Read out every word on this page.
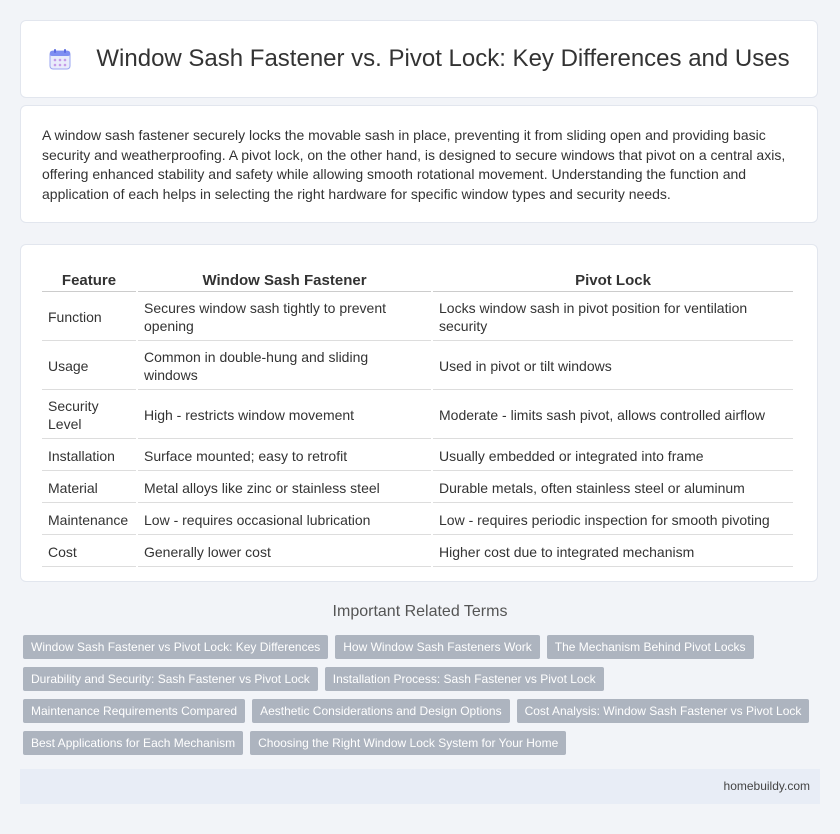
Window Sash Fastener vs. Pivot Lock: Key Differences and Uses

A window sash fastener securely locks the movable sash in place, preventing it from sliding open and providing basic security and weatherproofing. A pivot lock, on the other hand, is designed to secure windows that pivot on a central axis, offering enhanced stability and safety while allowing smooth rotational movement. Understanding the function and application of each helps in selecting the right hardware for specific window types and security needs.

Feature	Window Sash Fastener	Pivot Lock
Function	Secures window sash tightly to prevent opening	Locks window sash in pivot position for ventilation security
Usage	Common in double-hung and sliding windows	Used in pivot or tilt windows
Security Level	High - restricts window movement	Moderate - limits sash pivot, allows controlled airflow
Installation	Surface mounted; easy to retrofit	Usually embedded or integrated into frame
Material	Metal alloys like zinc or stainless steel	Durable metals, often stainless steel or aluminum
Maintenance	Low - requires occasional lubrication	Low - requires periodic inspection for smooth pivoting
Cost	Generally lower cost	Higher cost due to integrated mechanism
Important Related Terms
Window Sash Fastener vs Pivot Lock: Key Differences	How Window Sash Fasteners Work	The Mechanism Behind Pivot Locks
Durability and Security: Sash Fastener vs Pivot Lock	Installation Process: Sash Fastener vs Pivot Lock
Maintenance Requirements Compared	Aesthetic Considerations and Design Options	Cost Analysis: Window Sash Fastener vs Pivot Lock
Best Applications for Each Mechanism	Choosing the Right Window Lock System for Your Home
homebuildy.com
